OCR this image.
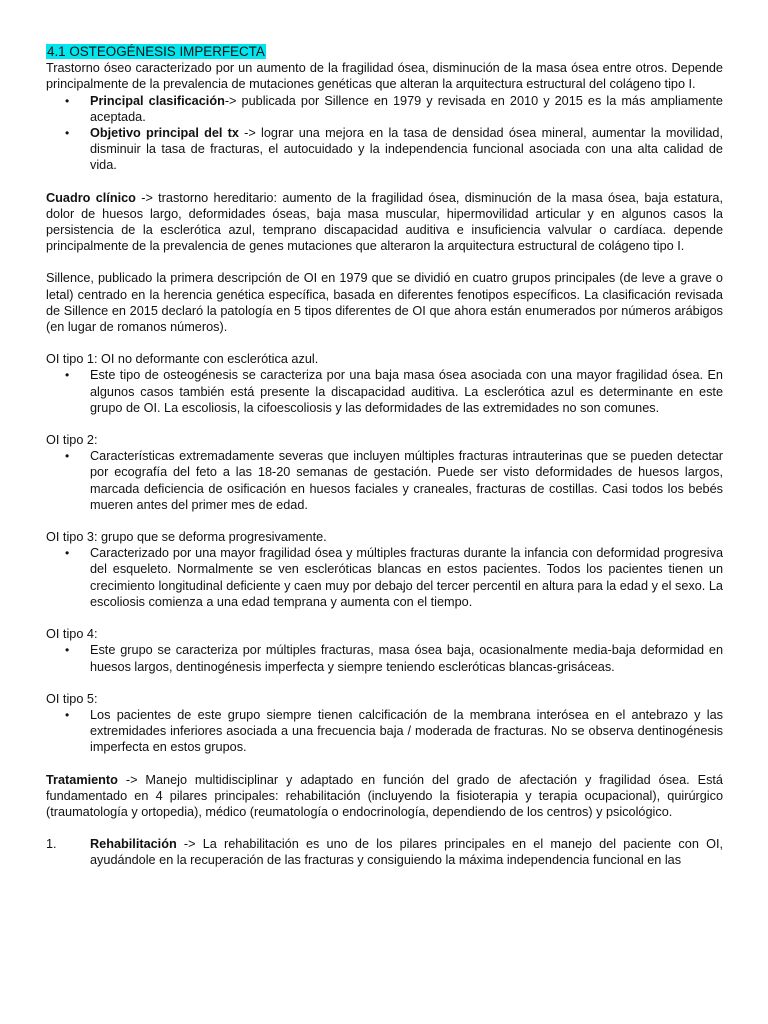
4.1 OSTEOGÉNESIS IMPERFECTA

Trastorno óseo caracterizado por un aumento de la fragilidad ósea, disminución de la masa ósea entre otros. Depende principalmente de la prevalencia de mutaciones genéticas que alteran la arquitectura estructural del colágeno tipo I.

• Principal clasificación-> publicada por Sillence en 1979 y revisada en 2010 y 2015 es la más ampliamente aceptada.
• Objetivo principal del tx -> lograr una mejora en la tasa de densidad ósea mineral, aumentar la movilidad, disminuir la tasa de fracturas, el autocuidado y la independencia funcional asociada con una alta calidad de vida.

Cuadro clínico -> trastorno hereditario: aumento de la fragilidad ósea, disminución de la masa ósea, baja estatura, dolor de huesos largo, deformidades óseas, baja masa muscular, hipermovilidad articular y en algunos casos la persistencia de la esclerótica azul, temprano discapacidad auditiva e insuficiencia valvular o cardíaca. depende principalmente de la prevalencia de genes mutaciones que alteraron la arquitectura estructural de colágeno tipo I.

Sillence, publicado la primera descripción de OI en 1979 que se dividió en cuatro grupos principales (de leve a grave o letal) centrado en la herencia genética específica, basada en diferentes fenotipos específicos. La clasificación revisada de Sillence en 2015 declaró la patología en 5 tipos diferentes de OI que ahora están enumerados por números arábigos (en lugar de romanos números).

OI tipo 1: OI no deformante con esclerótica azul.

• Este tipo de osteogénesis se caracteriza por una baja masa ósea asociada con una mayor fragilidad ósea. En algunos casos también está presente la discapacidad auditiva. La esclerótica azul es determinante en este grupo de OI. La escoliosis, la cifoescoliosis y las deformidades de las extremidades no son comunes.

OI tipo 2:

• Características extremadamente severas que incluyen múltiples fracturas intrauterinas que se pueden detectar por ecografía del feto a las 18-20 semanas de gestación. Puede ser visto deformidades de huesos largos, marcada deficiencia de osificación en huesos faciales y craneales, fracturas de costillas. Casi todos los bebés mueren antes del primer mes de edad.

OI tipo 3: grupo que se deforma progresivamente.

• Caracterizado por una mayor fragilidad ósea y múltiples fracturas durante la infancia con deformidad progresiva del esqueleto. Normalmente se ven escleróticas blancas en estos pacientes. Todos los pacientes tienen un crecimiento longitudinal deficiente y caen muy por debajo del tercer percentil en altura para la edad y el sexo. La escoliosis comienza a una edad temprana y aumenta con el tiempo.

OI tipo 4:

• Este grupo se caracteriza por múltiples fracturas, masa ósea baja, ocasionalmente media-baja deformidad en huesos largos, dentinogénesis imperfecta y siempre teniendo escleróticas blancas-grisáceas.

OI tipo 5:

• Los pacientes de este grupo siempre tienen calcificación de la membrana interósea en el antebrazo y las extremidades inferiores asociada a una frecuencia baja / moderada de fracturas. No se observa dentinogénesis imperfecta en estos grupos.

Tratamiento -> Manejo multidisciplinar y adaptado en función del grado de afectación y fragilidad ósea. Está fundamentado en 4 pilares principales: rehabilitación (incluyendo la fisioterapia y terapia ocupacional), quirúrgico (traumatología y ortopedia), médico (reumatología o endocrinología, dependiendo de los centros) y psicológico.

1.	Rehabilitación -> La rehabilitación es uno de los pilares principales en el manejo del paciente con OI, ayudándole en la recuperación de las fracturas y consiguiendo la máxima independencia funcional en las
